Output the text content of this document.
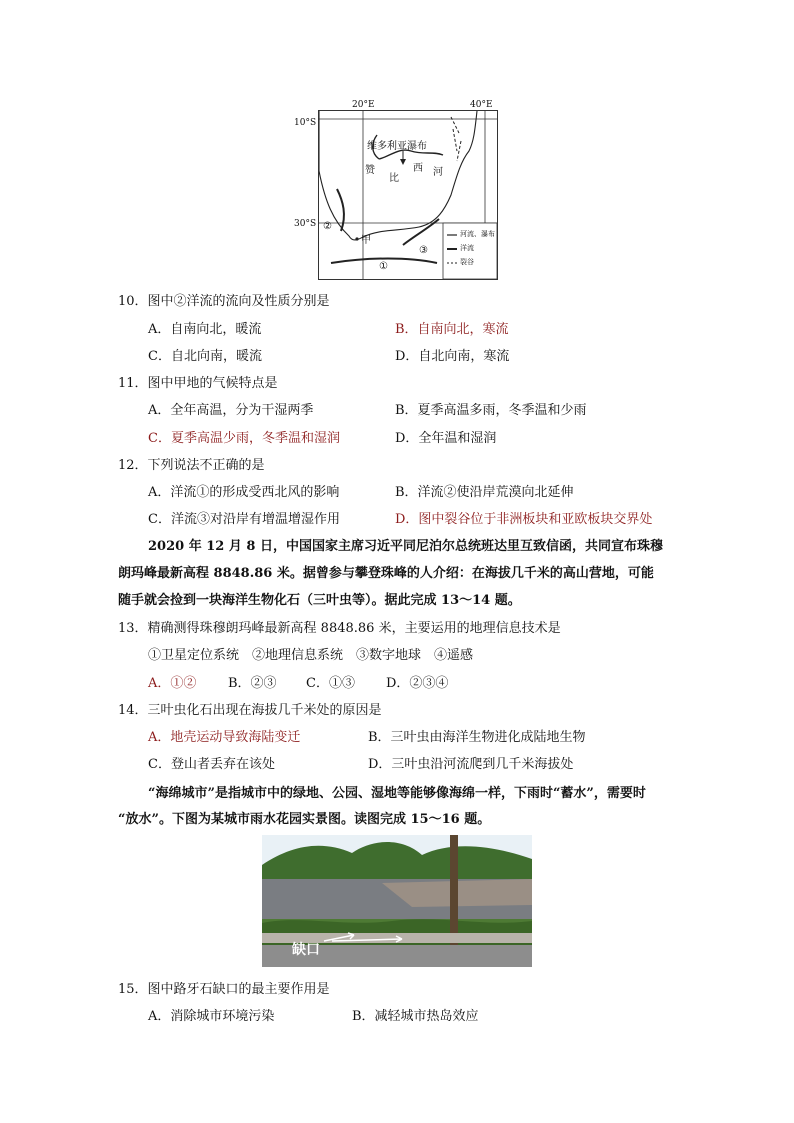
20°E	40°E
10°S
30°S
维多利亚瀑布
赞
比
西 河
甲
①
②
③
河流、瀑布
洋流
裂谷
10．图中②洋流的流向及性质分别是
A．自南向北，暖流	B．自南向北，寒流
C．自北向南，暖流	D．自北向南，寒流
11．图中甲地的气候特点是
A．全年高温，分为干湿两季	B．夏季高温多雨，冬季温和少雨
C．夏季高温少雨，冬季温和湿润	D．全年温和湿润
12．下列说法不正确的是
A．洋流①的形成受西北风的影响	B．洋流②使沿岸荒漠向北延伸
C．洋流③对沿岸有增温增湿作用	D．图中裂谷位于非洲板块和亚欧板块交界处
2020 年 12 月 8 日，中国国家主席习近平同尼泊尔总统班达里互致信函，共同宣布珠穆
朗玛峰最新高程 8848.86 米。据曾参与攀登珠峰的人介绍：在海拔几千米的高山营地，可能
随手就会捡到一块海洋生物化石（三叶虫等）。据此完成 13～14 题。
13．精确测得珠穆朗玛峰最新高程 8848.86 米，主要运用的地理信息技术是
①卫星定位系统　②地理信息系统　③数字地球　④遥感
A．①② B．②③ C．①③ D．②③④
14．三叶虫化石出现在海拔几千米处的原因是
A．地壳运动导致海陆变迁	B．三叶虫由海洋生物进化成陆地生物
C．登山者丢弃在该处	D．三叶虫沿河流爬到几千米海拔处
“海绵城市”是指城市中的绿地、公园、湿地等能够像海绵一样，下雨时“蓄水”，需要时
“放水”。下图为某城市雨水花园实景图。读图完成 15～16 题。
缺口
15．图中路牙石缺口的最主要作用是
A．消除城市环境污染	B．减轻城市热岛效应
